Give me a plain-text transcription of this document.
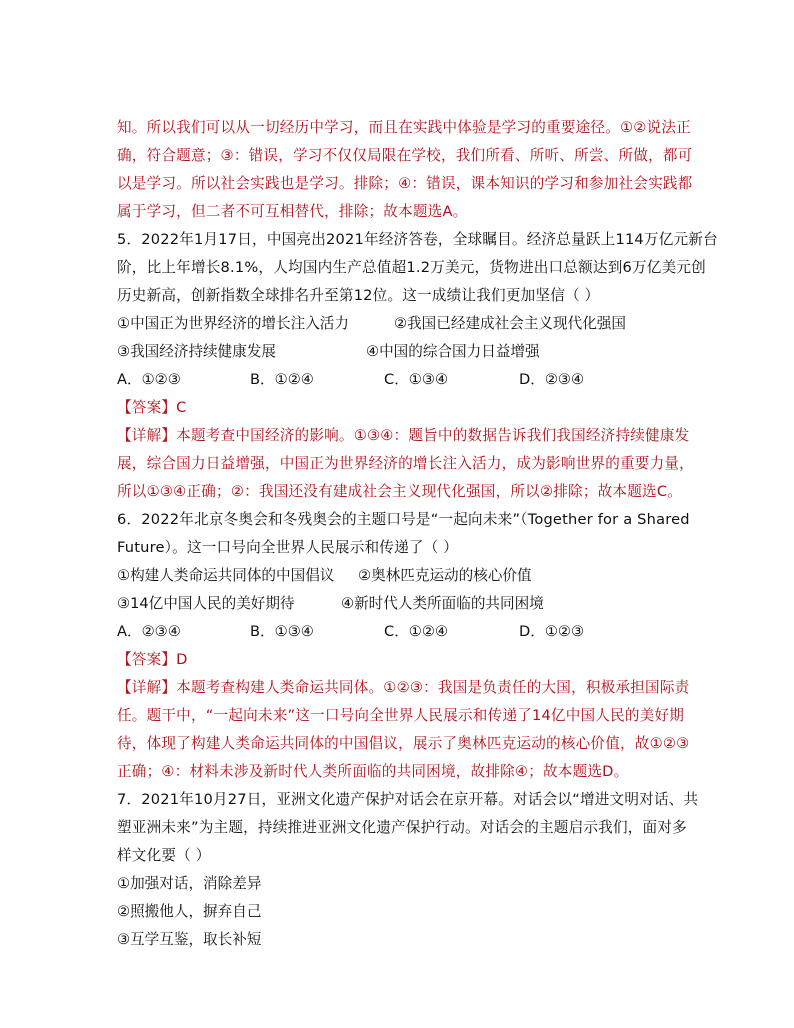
知。所以我们可以从一切经历中学习，而且在实践中体验是学习的重要途径。①②说法正
确，符合题意；③：错误，学习不仅仅局限在学校，我们所看、所听、所尝、所做，都可
以是学习。所以社会实践也是学习。排除；④：错误，课本知识的学习和参加社会实践都
属于学习，但二者不可互相替代，排除；故本题选A。
5．2022年1月17日，中国亮出2021年经济答卷，全球瞩目。经济总量跃上114万亿元新台
阶，比上年增长8.1%，人均国内生产总值超1.2万美元，货物进出口总额达到6万亿美元创
历史新高，创新指数全球排名升至第12位。这一成绩让我们更加坚信（ ）
①中国正为世界经济的增长注入活力	②我国已经建成社会主义现代化强国
③我国经济持续健康发展	④中国的综合国力日益增强
A．①②③	B．①②④	C．①③④	D．②③④
【答案】C
【详解】本题考查中国经济的影响。①③④：题旨中的数据告诉我们我国经济持续健康发
展，综合国力日益增强，中国正为世界经济的增长注入活力，成为影响世界的重要力量，
所以①③④正确；②：我国还没有建成社会主义现代化强国，所以②排除；故本题选C。
6．2022年北京冬奥会和冬残奥会的主题口号是“一起向未来”（Together for a Shared
Future）。这一口号向全世界人民展示和传递了（ ）
①构建人类命运共同体的中国倡议 ②奥林匹克运动的核心价值
③14亿中国人民的美好期待	④新时代人类所面临的共同困境
A．②③④	B．①③④	C．①②④	D．①②③
【答案】D
【详解】本题考查构建人类命运共同体。①②③：我国是负责任的大国，积极承担国际责
任。题干中，“一起向未来”这一口号向全世界人民展示和传递了14亿中国人民的美好期
待，体现了构建人类命运共同体的中国倡议，展示了奥林匹克运动的核心价值，故①②③
正确；④：材料未涉及新时代人类所面临的共同困境，故排除④；故本题选D。
7．2021年10月27日，亚洲文化遗产保护对话会在京开幕。对话会以“增进文明对话、共
塑亚洲未来”为主题，持续推进亚洲文化遗产保护行动。对话会的主题启示我们，面对多
样文化要（ ）
①加强对话，消除差异
②照搬他人，摒弃自己
③互学互鉴，取长补短
